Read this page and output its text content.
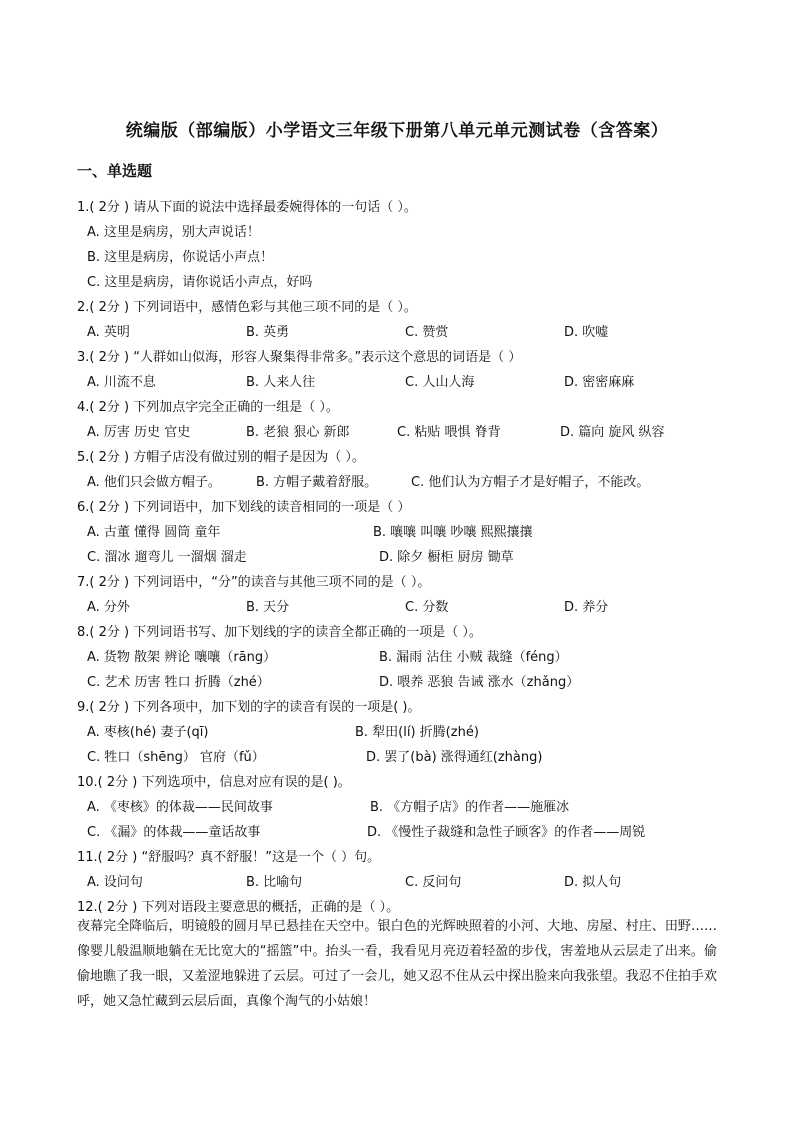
统编版（部编版）小学语文三年级下册第八单元单元测试卷（含答案）
一、单选题
1.( 2分 ) 请从下面的说法中选择最委婉得体的一句话（ ）。
A. 这里是病房，别大声说话！
B. 这里是病房，你说话小声点！
C. 这里是病房，请你说话小声点，好吗
2.( 2分 ) 下列词语中，感情色彩与其他三项不同的是（ ）。
A. 英明	B. 英勇	C. 赞赏	D. 吹嘘
3.( 2分 ) “人群如山似海，形容人聚集得非常多。”表示这个意思的词语是（ ）
A. 川流不息	B. 人来人往	C. 人山人海	D. 密密麻麻
4.( 2分 ) 下列加点字完全正确的一组是（ ）。
A. 厉害 历史 官史	B. 老狼 狠心 新郎	C. 粘贴 喂惧 脊背	D. 篇向 旋风 纵容
5.( 2分 ) 方帽子店没有做过别的帽子是因为（ ）。
A. 他们只会做方帽子。	B. 方帽子戴着舒服。	C. 他们认为方帽子才是好帽子，不能改。
6.( 2分 ) 下列词语中，加下划线的读音相同的一项是（ ）
A. 古董 懂得 圆筒 童年	B. 嚷嚷 叫嚷 吵嚷 熙熙攘攘
C. 溜冰 遛弯儿 一溜烟 溜走	D. 除夕 橱柜 厨房 锄草
7.( 2分 ) 下列词语中，“分”的读音与其他三项不同的是（ ）。
A. 分外	B. 天分	C. 分数	D. 养分
8.( 2分 ) 下列词语书写、加下划线的字的读音全都正确的一项是（ ）。
A. 货物 散架 辨论 嚷嚷（rāng）	B. 漏雨 沾住 小贼 裁缝（féng）
C. 艺术 历害 牲口 折腾（zhé）	D. 喂养 恶狼 告诫 涨水（zhǎng）
9.( 2分 ) 下列各项中，加下划的字的读音有误的一项是( )。
A. 枣核(hé) 妻子(qī)	B. 犁田(lí) 折腾(zhé)
C. 牲口（shēng） 官府（fǔ）	D. 罢了(bà) 涨得通红(zhàng)
10.( 2分 ) 下列选项中，信息对应有误的是( )。
A. 《枣核》的体裁——民间故事	B. 《方帽子店》的作者——施雁冰
C. 《漏》的体裁——童话故事	D. 《慢性子裁缝和急性子顾客》的作者——周锐
11.( 2分 ) “舒服吗？真不舒服！”这是一个（ ）句。
A. 设问句	B. 比喻句	C. 反问句	D. 拟人句
12.( 2分 ) 下列对语段主要意思的概括，正确的是（ ）。
夜幕完全降临后，明镜般的圆月早已悬挂在天空中。银白色的光辉映照着的小河、大地、房屋、村庄、田野……像婴儿般温顺地躺在无比宽大的“摇篮”中。抬头一看，我看见月亮迈着轻盈的步伐，害羞地从云层走了出来。偷偷地瞧了我一眼，又羞涩地躲进了云层。可过了一会儿，她又忍不住从云中探出脸来向我张望。我忍不住拍手欢呼，她又急忙藏到云层后面，真像个淘气的小姑娘！
